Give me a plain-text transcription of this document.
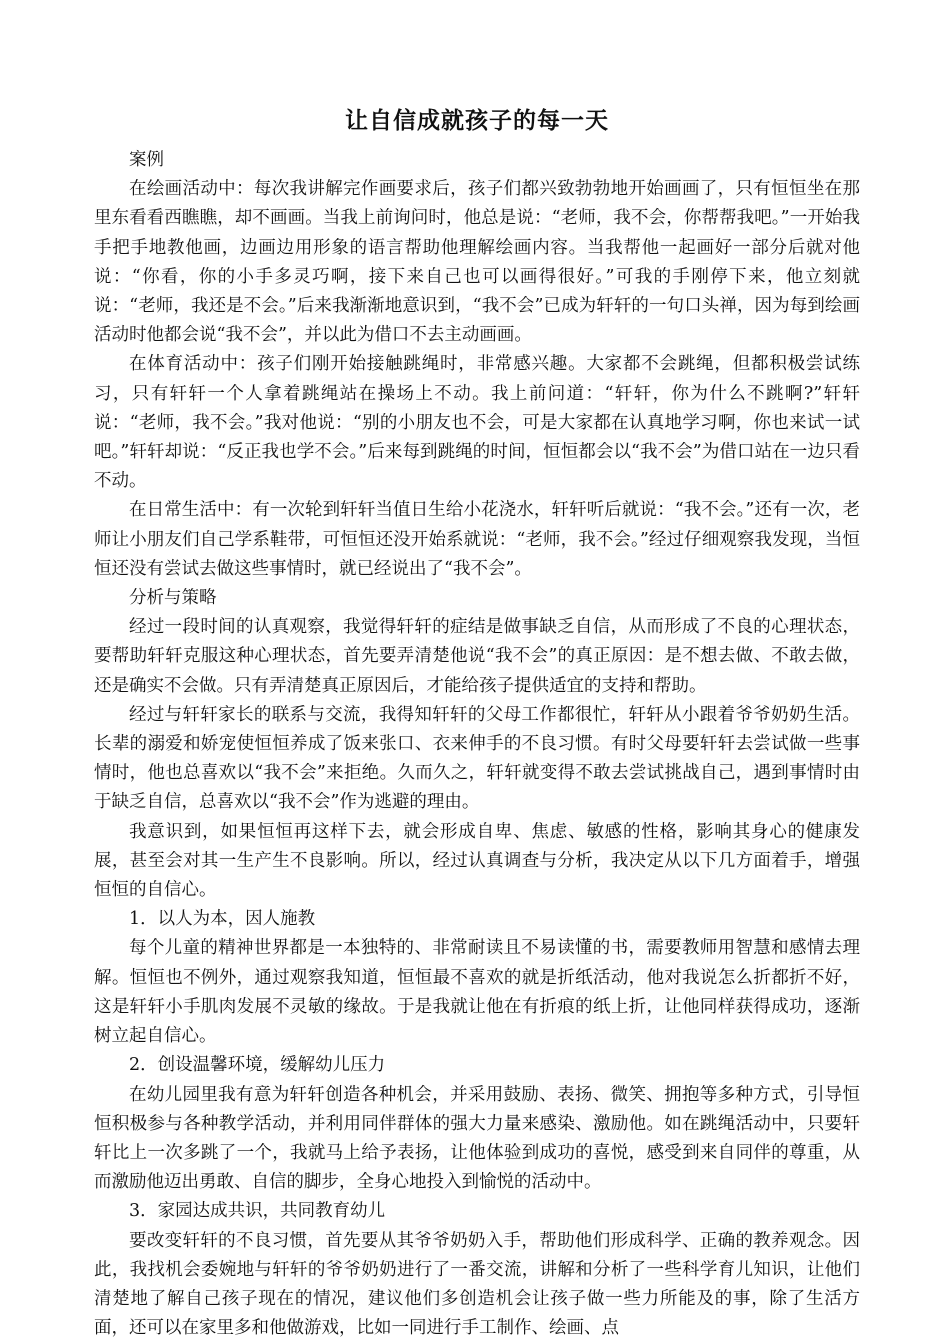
让自信成就孩子的每一天

案例

在绘画活动中：每次我讲解完作画要求后，孩子们都兴致勃勃地开始画画了，只有恒恒坐在那里东看看西瞧瞧，却不画画。当我上前询问时，他总是说：“老师，我不会，你帮帮我吧。”一开始我手把手地教他画，边画边用形象的语言帮助他理解绘画内容。当我帮他一起画好一部分后就对他说：“你看，你的小手多灵巧啊，接下来自己也可以画得很好。”可我的手刚停下来，他立刻就说：“老师，我还是不会。”后来我渐渐地意识到，“我不会”已成为轩轩的一句口头禅，因为每到绘画活动时他都会说“我不会”，并以此为借口不去主动画画。

在体育活动中：孩子们刚开始接触跳绳时，非常感兴趣。大家都不会跳绳，但都积极尝试练习，只有轩轩一个人拿着跳绳站在操场上不动。我上前问道：“轩轩，你为什么不跳啊?”轩轩说：“老师，我不会。”我对他说：“别的小朋友也不会，可是大家都在认真地学习啊，你也来试一试吧。”轩轩却说：“反正我也学不会。”后来每到跳绳的时间，恒恒都会以“我不会”为借口站在一边只看不动。

在日常生活中：有一次轮到轩轩当值日生给小花浇水，轩轩听后就说：“我不会。”还有一次，老师让小朋友们自己学系鞋带，可恒恒还没开始系就说：“老师，我不会。”经过仔细观察我发现，当恒恒还没有尝试去做这些事情时，就已经说出了“我不会”。

分析与策略

经过一段时间的认真观察，我觉得轩轩的症结是做事缺乏自信，从而形成了不良的心理状态，要帮助轩轩克服这种心理状态，首先要弄清楚他说“我不会”的真正原因：是不想去做、不敢去做，还是确实不会做。只有弄清楚真正原因后，才能给孩子提供适宜的支持和帮助。

经过与轩轩家长的联系与交流，我得知轩轩的父母工作都很忙，轩轩从小跟着爷爷奶奶生活。长辈的溺爱和娇宠使恒恒养成了饭来张口、衣来伸手的不良习惯。有时父母要轩轩去尝试做一些事情时，他也总喜欢以“我不会”来拒绝。久而久之，轩轩就变得不敢去尝试挑战自己，遇到事情时由于缺乏自信，总喜欢以“我不会”作为逃避的理由。

我意识到，如果恒恒再这样下去，就会形成自卑、焦虑、敏感的性格，影响其身心的健康发展，甚至会对其一生产生不良影响。所以，经过认真调查与分析，我决定从以下几方面着手，增强恒恒的自信心。

1．以人为本，因人施教

每个儿童的精神世界都是一本独特的、非常耐读且不易读懂的书，需要教师用智慧和感情去理解。恒恒也不例外，通过观察我知道，恒恒最不喜欢的就是折纸活动，他对我说怎么折都折不好，这是轩轩小手肌肉发展不灵敏的缘故。于是我就让他在有折痕的纸上折，让他同样获得成功，逐渐树立起自信心。

2．创设温馨环境，缓解幼儿压力

在幼儿园里我有意为轩轩创造各种机会，并采用鼓励、表扬、微笑、拥抱等多种方式，引导恒恒积极参与各种教学活动，并利用同伴群体的强大力量来感染、激励他。如在跳绳活动中，只要轩轩比上一次多跳了一个，我就马上给予表扬，让他体验到成功的喜悦，感受到来自同伴的尊重，从而激励他迈出勇敢、自信的脚步，全身心地投入到愉悦的活动中。

3．家园达成共识，共同教育幼儿

要改变轩轩的不良习惯，首先要从其爷爷奶奶入手，帮助他们形成科学、正确的教养观念。因此，我找机会委婉地与轩轩的爷爷奶奶进行了一番交流，讲解和分析了一些科学育儿知识，让他们清楚地了解自己孩子现在的情况，建议他们多创造机会让孩子做一些力所能及的事，除了生活方面，还可以在家里多和他做游戏，比如一同进行手工制作、绘画、点
